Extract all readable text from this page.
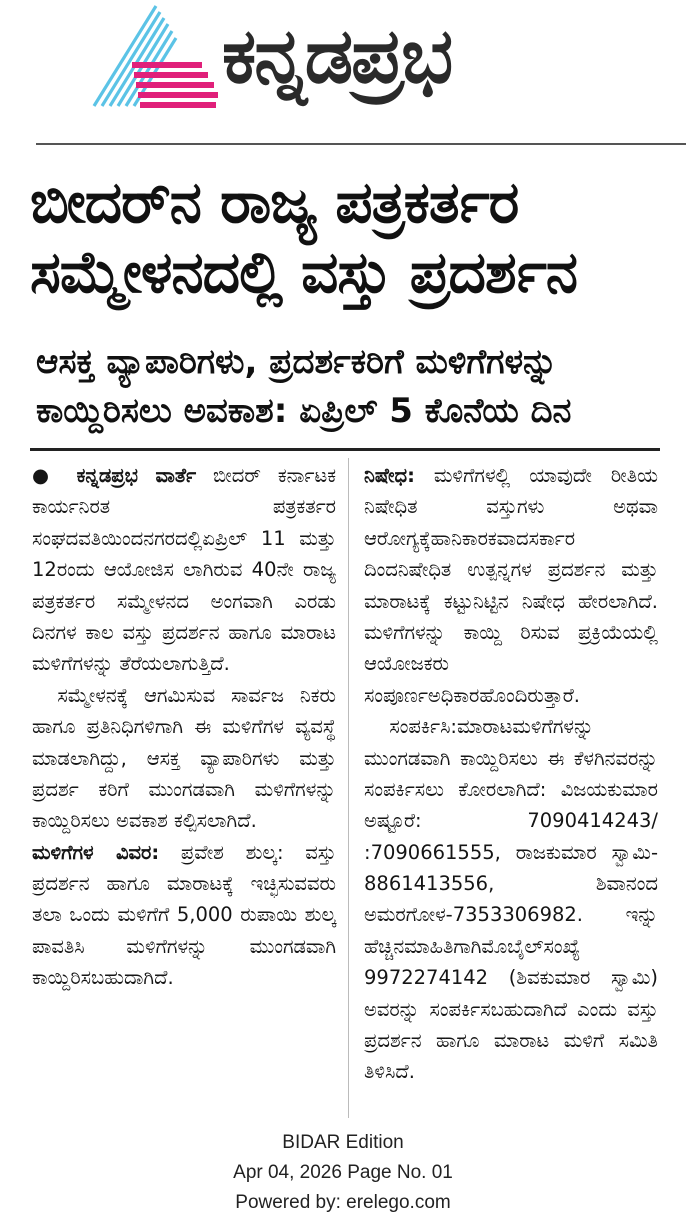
ಕನ್ನಡಪ್ರಭ
ಬೀದರ್‌ನ ರಾಜ್ಯ ಪತ್ರಕರ್ತರ
ಸಮ್ಮೇಳನದಲ್ಲಿ ವಸ್ತು ಪ್ರದರ್ಶನ
ಆಸಕ್ತ ವ್ಯಾಪಾರಿಗಳು, ಪ್ರದರ್ಶಕರಿಗೆ ಮಳಿಗೆಗಳನ್ನು
ಕಾಯ್ದಿರಿಸಲು ಅವಕಾಶ: ಏಪ್ರಿಲ್ 5 ಕೊನೆಯ ದಿನ

● ಕನ್ನಡಪ್ರಭ ವಾರ್ತೆ ಬೀದರ್ ಕರ್ನಾಟಕ ಕಾರ್ಯನಿರತ ಪತ್ರಕರ್ತರ ಸಂಘದವತಿಯಿಂದನಗರದಲ್ಲಿಏಪ್ರಿಲ್ 11 ಮತ್ತು 12ರಂದು ಆಯೋಜಿಸ ಲಾಗಿರುವ 40ನೇ ರಾಜ್ಯ ಪತ್ರಕರ್ತರ ಸಮ್ಮೇಳನದ ಅಂಗವಾಗಿ ಎರಡು ದಿನಗಳ ಕಾಲ ವಸ್ತು ಪ್ರದರ್ಶನ ಹಾಗೂ ಮಾರಾಟ ಮಳಿಗೆಗಳನ್ನು ತೆರೆಯಲಾಗುತ್ತಿದೆ.

ಸಮ್ಮೇಳನಕ್ಕೆ ಆಗಮಿಸುವ ಸಾರ್ವಜ ನಿಕರು ಹಾಗೂ ಪ್ರತಿನಿಧಿಗಳಿಗಾಗಿ ಈ ಮಳಿಗೆಗಳ ವ್ಯವಸ್ಥೆ ಮಾಡಲಾಗಿದ್ದು, ಆಸಕ್ತ ವ್ಯಾಪಾರಿಗಳು ಮತ್ತು ಪ್ರದರ್ಶ ಕರಿಗೆ ಮುಂಗಡವಾಗಿ ಮಳಿಗೆಗಳನ್ನು ಕಾಯ್ದಿರಿಸಲು ಅವಕಾಶ ಕಲ್ಪಿಸಲಾಗಿದೆ.

ಮಳಿಗೆಗಳ ವಿವರ: ಪ್ರವೇಶ ಶುಲ್ಕ: ವಸ್ತು ಪ್ರದರ್ಶನ ಹಾಗೂ ಮಾರಾಟಕ್ಕೆ ಇಚ್ಛಿಸುವವರು ತಲಾ ಒಂದು ಮಳಿಗೆಗೆ 5,000 ರುಪಾಯಿ ಶುಲ್ಕ ಪಾವತಿಸಿ ಮಳಿಗೆಗಳನ್ನು ಮುಂಗಡವಾಗಿ ಕಾಯ್ದಿರಿಸಬಹುದಾಗಿದೆ.

ನಿಷೇಧ: ಮಳಿಗೆಗಳಲ್ಲಿ ಯಾವುದೇ ರೀತಿಯ ನಿಷೇಧಿತ ವಸ್ತುಗಳು ಅಥವಾ ಆರೋಗ್ಯಕ್ಕೆಹಾನಿಕಾರಕವಾದಸರ್ಕಾರ ದಿಂದನಿಷೇಧಿತ ಉತ್ಪನ್ನಗಳ ಪ್ರದರ್ಶನ ಮತ್ತು ಮಾರಾಟಕ್ಕೆ ಕಟ್ಟುನಿಟ್ಟಿನ ನಿಷೇಧ ಹೇರಲಾಗಿದೆ. ಮಳಿಗೆಗಳನ್ನು ಕಾಯ್ದಿ ರಿಸುವ ಪ್ರಕ್ರಿಯೆಯಲ್ಲಿ ಆಯೋಜಕರು ಸಂಪೂರ್ಣಅಧಿಕಾರಹೊಂದಿರುತ್ತಾರೆ.

ಸಂಪರ್ಕಿಸಿ:ಮಾರಾಟಮಳಿಗೆಗಳನ್ನು ಮುಂಗಡವಾಗಿ ಕಾಯ್ದಿರಿಸಲು ಈ ಕೆಳಗಿನವರನ್ನು ಸಂಪರ್ಕಿಸಲು ಕೋರಲಾಗಿದೆ: ವಿಜಯಕುಮಾರ ಅಷ್ಟೂರೆ: 7090414243/ :7090661555, ರಾಜಕುಮಾರ ಸ್ವಾಮಿ- 8861413556, ಶಿವಾನಂದ ಅಮರಗೋಳ-7353306982. ಇನ್ನು ಹೆಚ್ಚಿನಮಾಹಿತಿಗಾಗಿಮೊಬೈಲ್‌ಸಂಖ್ಯೆ 9972274142 (ಶಿವಕುಮಾರ ಸ್ವಾಮಿ) ಅವರನ್ನು ಸಂಪರ್ಕಿಸಬಹುದಾಗಿದೆ ಎಂದು ವಸ್ತು ಪ್ರದರ್ಶನ ಹಾಗೂ ಮಾರಾಟ ಮಳಿಗೆ ಸಮಿತಿ ತಿಳಿಸಿದೆ.

BIDAR Edition
Apr 04, 2026 Page No. 01
Powered by: erelego.com
